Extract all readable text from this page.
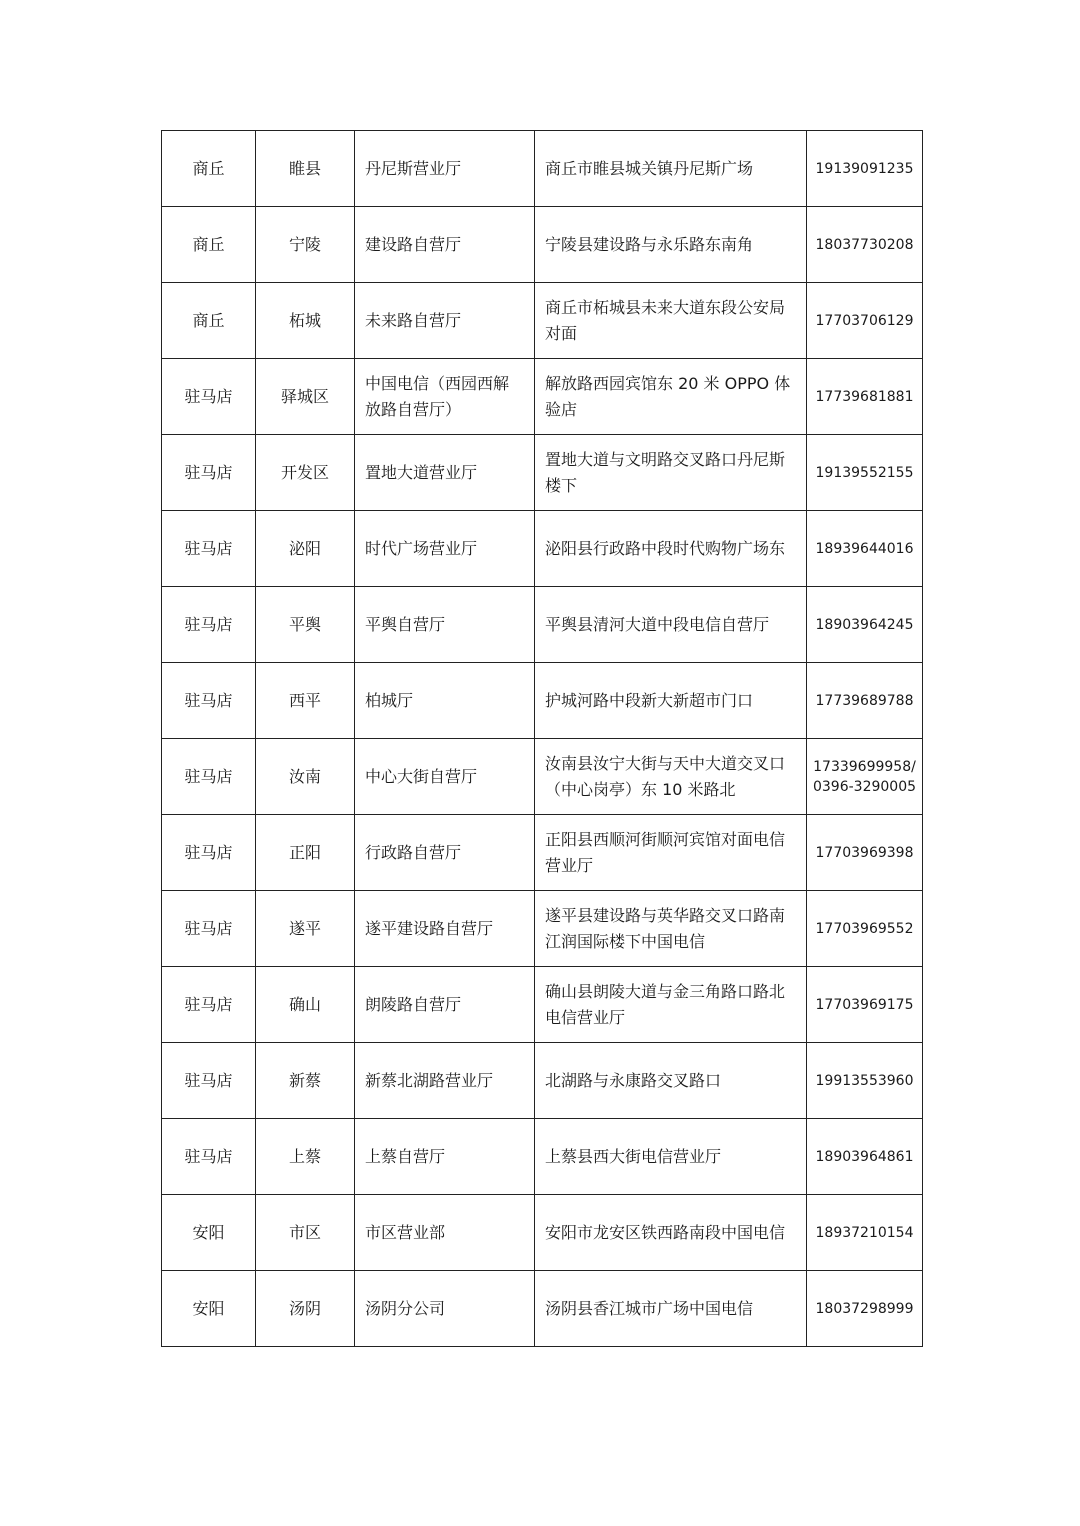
商丘	睢县	丹尼斯营业厅	商丘市睢县城关镇丹尼斯广场	19139091235

商丘	宁陵	建设路自营厅	宁陵县建设路与永乐路东南角	18037730208

商丘	柘城	未来路自营厅	商丘市柘城县未来大道东段公安局对面	17703706129

驻马店	驿城区	中国电信（西园西解放路自营厅）	解放路西园宾馆东 20 米 OPPO 体验店	17739681881

驻马店	开发区	置地大道营业厅	置地大道与文明路交叉路口丹尼斯楼下	19139552155

驻马店	泌阳	时代广场营业厅	泌阳县行政路中段时代购物广场东	18939644016

驻马店	平舆	平舆自营厅	平舆县清河大道中段电信自营厅	18903964245

驻马店	西平	柏城厅	护城河路中段新大新超市门口	17739689788

驻马店	汝南	中心大街自营厅	汝南县汝宁大街与天中大道交叉口（中心岗亭）东 10 米路北	17339699958/0396-3290005

驻马店	正阳	行政路自营厅	正阳县西顺河街顺河宾馆对面电信营业厅	17703969398

驻马店	遂平	遂平建设路自营厅	遂平县建设路与英华路交叉口路南江润国际楼下中国电信	17703969552

驻马店	确山	朗陵路自营厅	确山县朗陵大道与金三角路口路北电信营业厅	17703969175

驻马店	新蔡	新蔡北湖路营业厅	北湖路与永康路交叉路口	19913553960

驻马店	上蔡	上蔡自营厅	上蔡县西大街电信营业厅	18903964861

安阳	市区	市区营业部	安阳市龙安区铁西路南段中国电信	18937210154

安阳	汤阴	汤阴分公司	汤阴县香江城市广场中国电信	18037298999
